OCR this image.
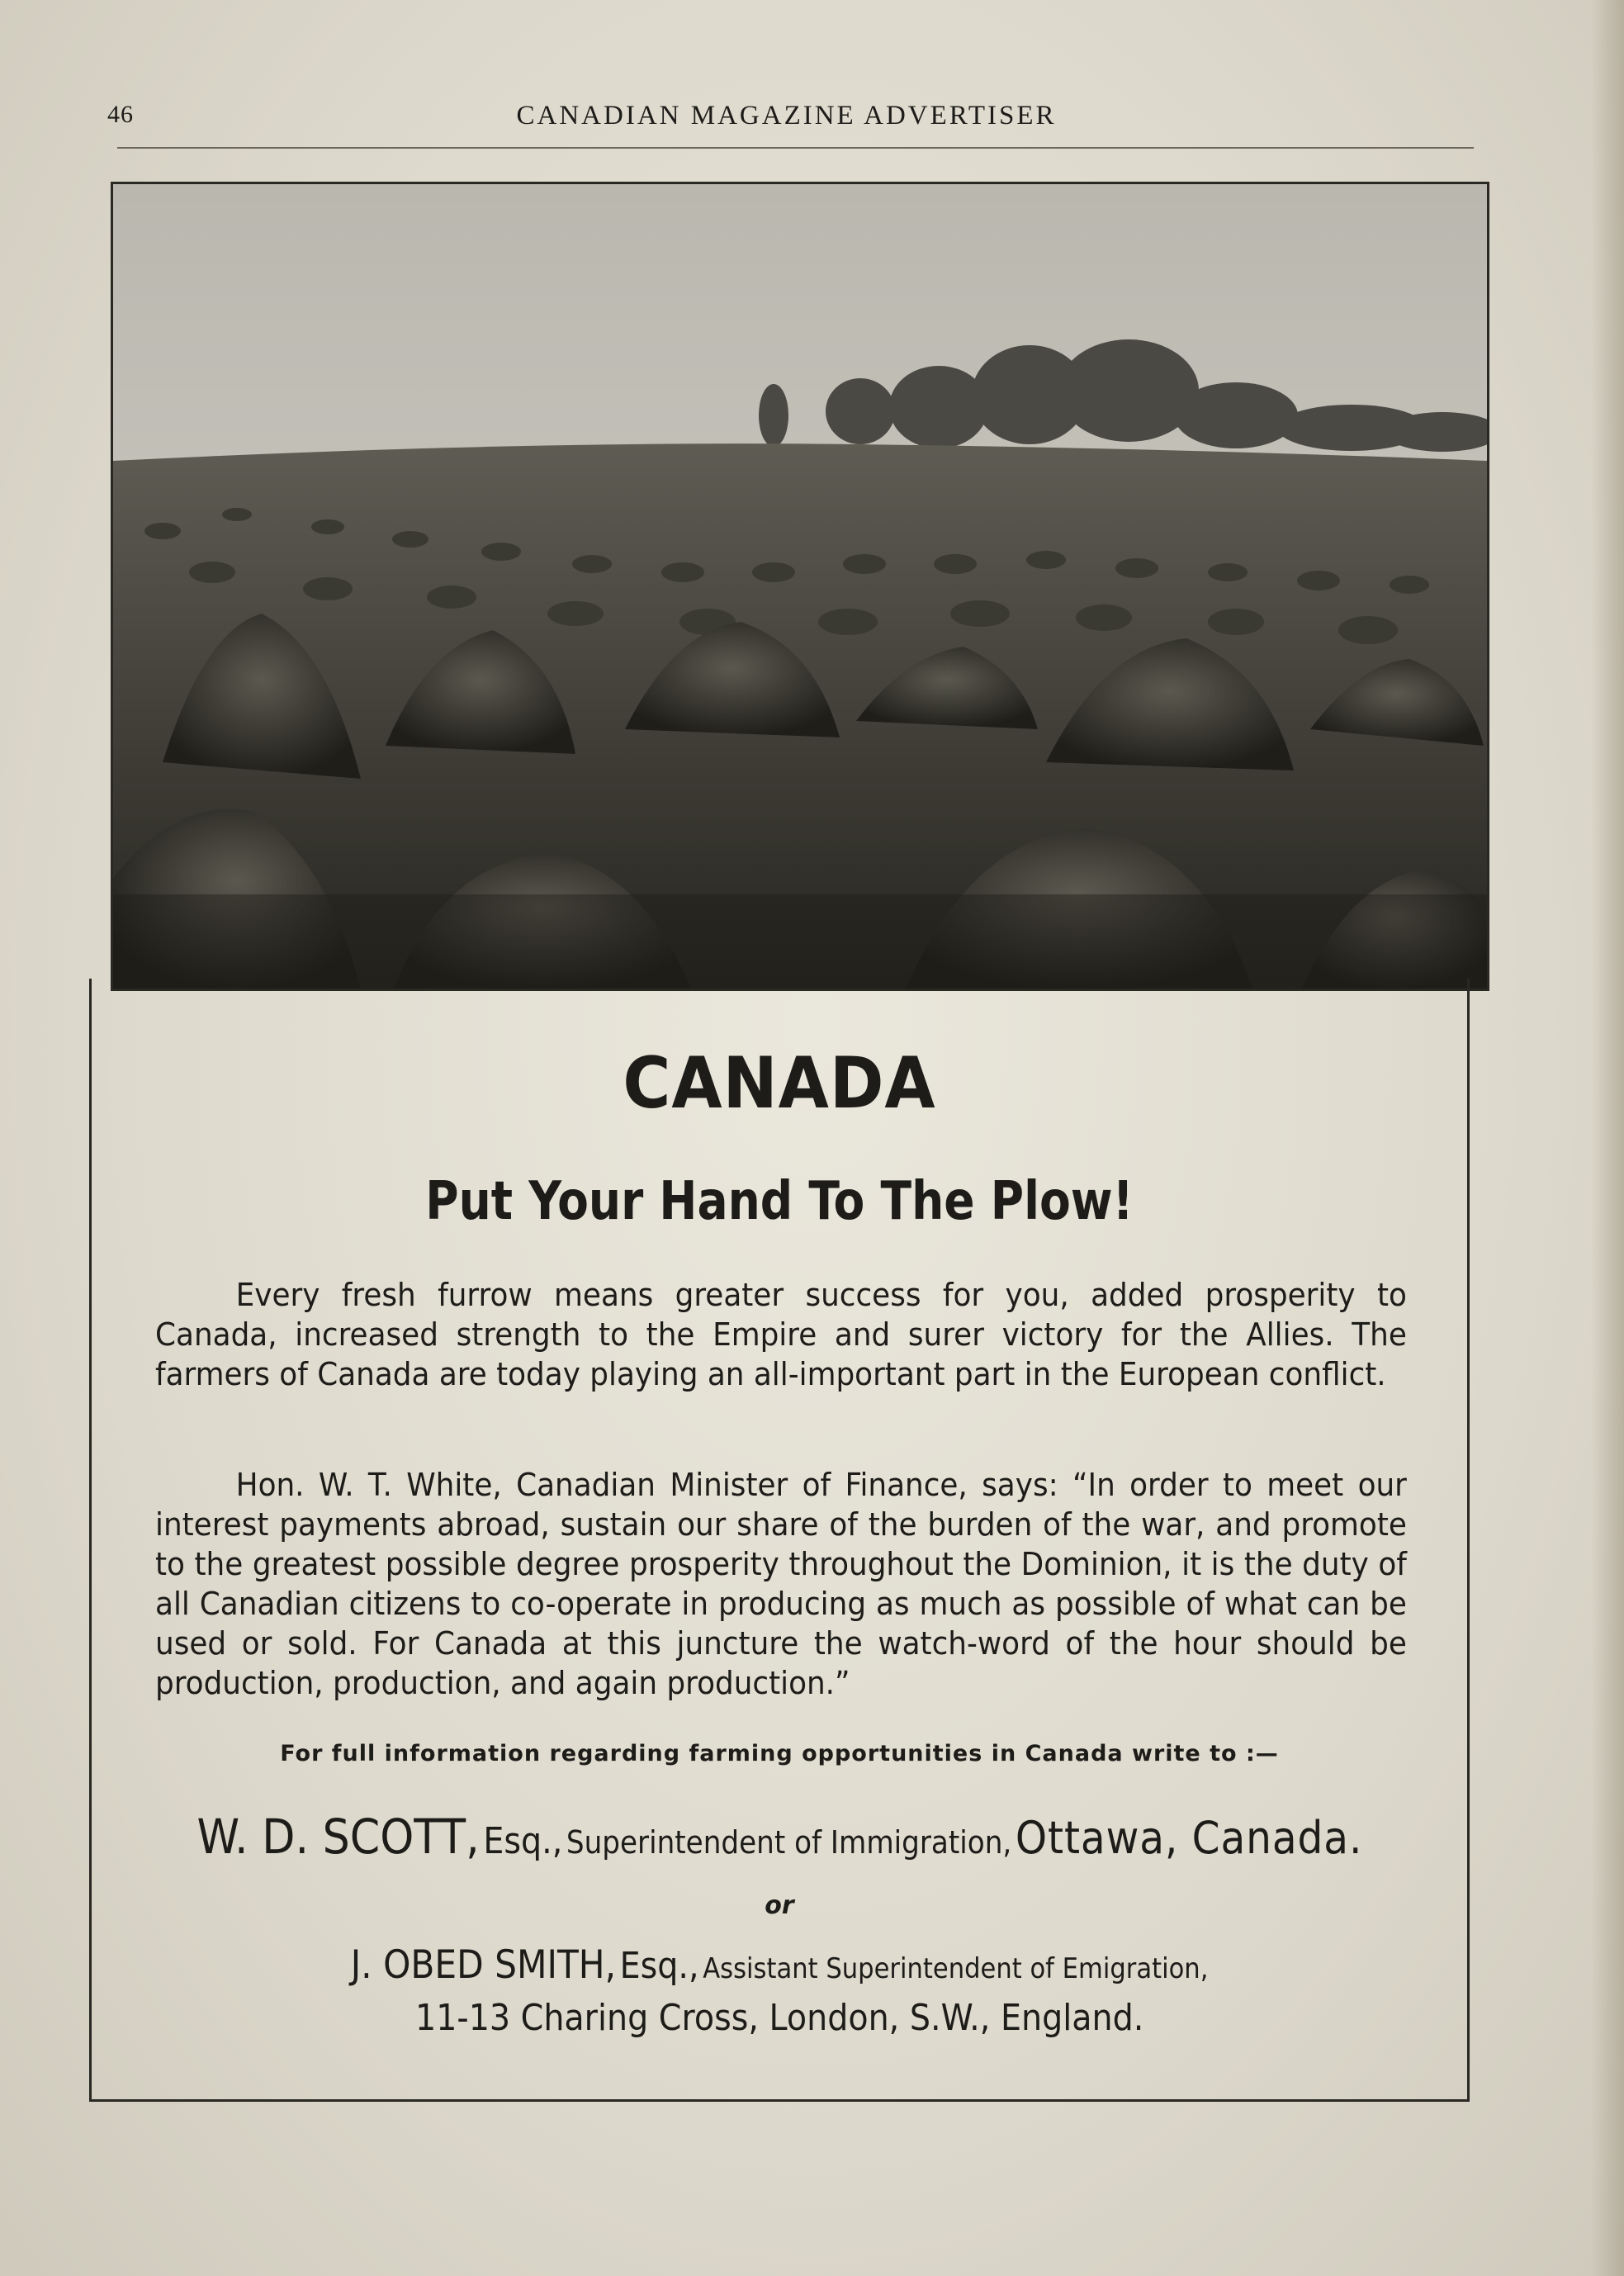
46	CANADIAN MAGAZINE ADVERTISER
CANADA
Put Your Hand To The Plow!

Every fresh furrow means greater success for you, added prosperity to Canada, increased strength to the Empire and surer victory for the Allies. The farmers of Canada are today playing an all-important part in the European conflict.

Hon. W. T. White, Canadian Minister of Finance, says: “In order to meet our interest payments abroad, sustain our share of the burden of the war, and promote to the greatest possible degree prosperity throughout the Dominion, it is the duty of all Canadian citizens to co-operate in producing as much as possible of what can be used or sold. For Canada at this juncture the watch-word of the hour should be production, production, and again production.”

For full information regarding farming opportunities in Canada write to :—
W. D. SCOTT, Esq., Superintendent of Immigration, Ottawa, Canada.
or
J. OBED SMITH, Esq., Assistant Superintendent of Emigration,
11-13 Charing Cross, London, S.W., England.
